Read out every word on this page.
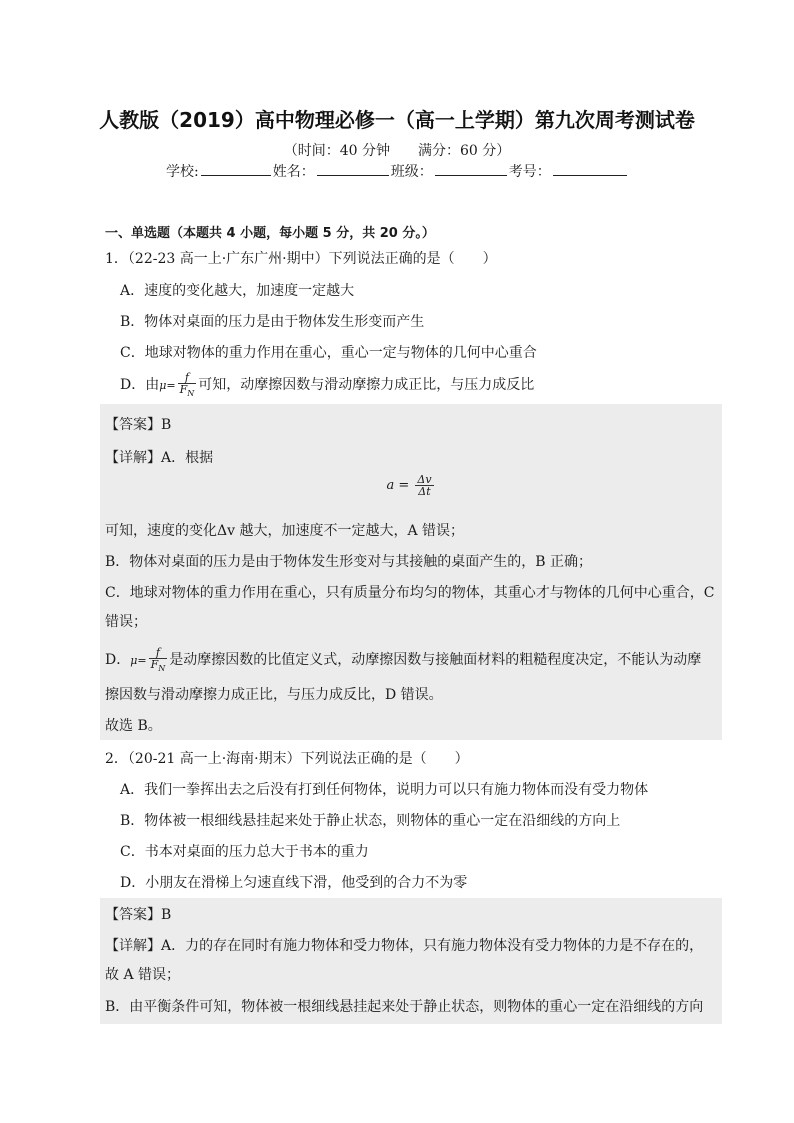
人教版（2019）高中物理必修一（高一上学期）第九次周考测试卷
（时间：40 分钟　　满分：60 分）
学校:	姓名：	班级：	考号：
一、单选题（本题共 4 小题，每小题 5 分，共 20 分。）
1．（22-23 高一上·广东广州·期中）下列说法正确的是（　　）
A．速度的变化越大，加速度一定越大
B．物体对桌面的压力是由于物体发生形变而产生
C．地球对物体的重力作用在重心，重心一定与物体的几何中心重合
D．由$\mu= \frac{f}{F_N}$ 可知，动摩擦因数与滑动摩擦力成正比，与压力成反比
【答案】B
【详解】A．根据
$a = \frac{\Delta v}{\Delta t}$
可知，速度的变化Δv 越大，加速度不一定越大，A 错误；
B．物体对桌面的压力是由于物体发生形变对与其接触的桌面产生的，B 正确；
C．地球对物体的重力作用在重心，只有质量分布均匀的物体，其重心才与物体的几何中心重合，C
错误；
D．$\mu= \frac{f}{F_N}$ 是动摩擦因数的比值定义式，动摩擦因数与接触面材料的粗糙程度决定，不能认为动摩
擦因数与滑动摩擦力成正比，与压力成反比，D 错误。
故选 B。
2．（20-21 高一上·海南·期末）下列说法正确的是（　　）
A．我们一拳挥出去之后没有打到任何物体，说明力可以只有施力物体而没有受力物体
B．物体被一根细线悬挂起来处于静止状态，则物体的重心一定在沿细线的方向上
C．书本对桌面的压力总大于书本的重力
D．小朋友在滑梯上匀速直线下滑，他受到的合力不为零
【答案】B
【详解】A．力的存在同时有施力物体和受力物体，只有施力物体没有受力物体的力是不存在的，
故 A 错误；
B．由平衡条件可知，物体被一根细线悬挂起来处于静止状态，则物体的重心一定在沿细线的方向
